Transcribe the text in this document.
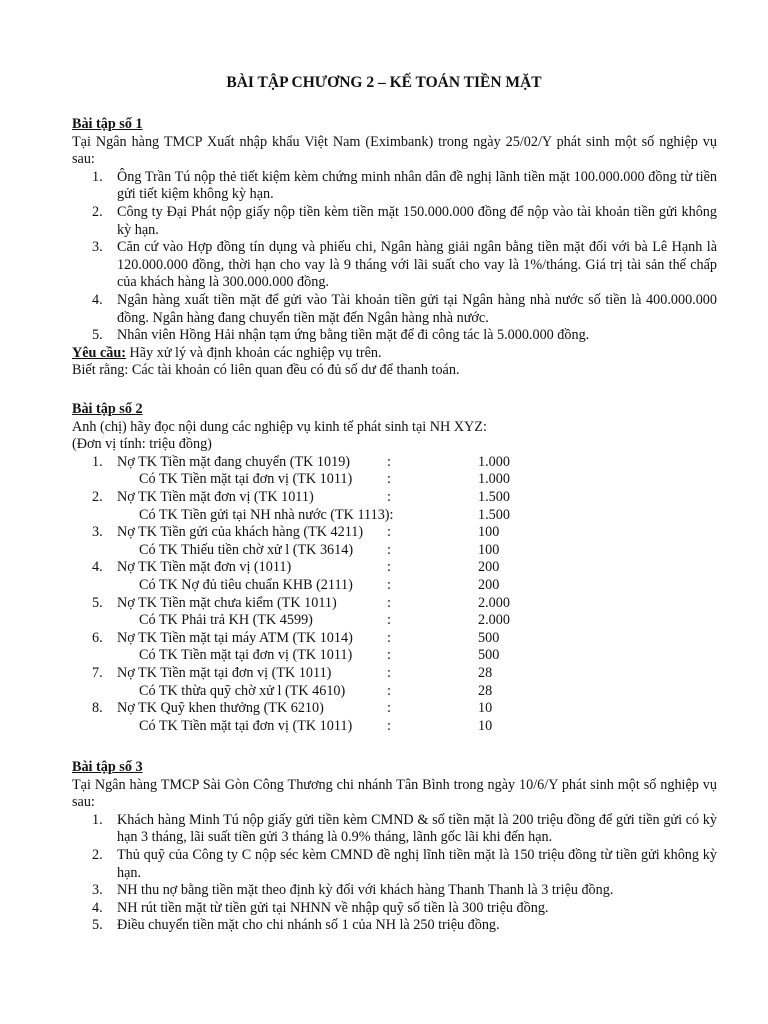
BÀI TẬP CHƯƠNG 2 – KẾ TOÁN TIỀN MẶT
Bài tập số 1
Tại Ngân hàng TMCP Xuất nhập khẩu Việt Nam (Eximbank) trong ngày 25/02/Y phát sinh một số nghiệp vụ sau:
1. Ông Trần Tú nộp thẻ tiết kiệm kèm chứng minh nhân dân đề nghị lãnh tiền mặt 100.000.000 đồng từ tiền gửi tiết kiệm không kỳ hạn.
2. Công ty Đại Phát nộp giấy nộp tiền kèm tiền mặt 150.000.000 đồng để nộp vào tài khoản tiền gửi không kỳ hạn.
3. Căn cứ vào Hợp đồng tín dụng và phiếu chi, Ngân hàng giải ngân bằng tiền mặt đối với bà Lê Hạnh là 120.000.000 đồng, thời hạn cho vay là 9 tháng với lãi suất cho vay là 1%/tháng. Giá trị tài sản thế chấp của khách hàng là 300.000.000 đồng.
4. Ngân hàng xuất tiền mặt để gửi vào Tài khoản tiền gửi tại Ngân hàng nhà nước số tiền là 400.000.000 đồng. Ngân hàng đang chuyển tiền mặt đến Ngân hàng nhà nước.
5. Nhân viên Hồng Hải nhận tạm ứng bằng tiền mặt để đi công tác là 5.000.000 đồng.
Yêu cầu: Hãy xử lý và định khoản các nghiệp vụ trên.
Biết rằng: Các tài khoản có liên quan đều có đủ số dư để thanh toán.
Bài tập số 2
Anh (chị) hãy đọc nội dung các nghiệp vụ kinh tế phát sinh tại NH XYZ:
(Đơn vị tính: triệu đồng)
1. Nợ TK Tiền mặt đang chuyển (TK 1019)	:	1.000
Có TK Tiền mặt tại đơn vị (TK 1011) :	1.000
2. Nợ TK Tiền mặt đơn vị (TK 1011)	:	1.500
Có TK Tiền gửi tại NH nhà nước (TK 1113):	1.500
3. Nợ TK Tiền gửi của khách hàng (TK 4211) :	100
Có TK Thiếu tiền chờ xử l (TK 3614) :	100
4. Nợ TK Tiền mặt đơn vị (1011)	:	200
Có TK Nợ đủ tiêu chuẩn KHB (2111) :	200
5. Nợ TK Tiền mặt chưa kiểm (TK 1011)	:	2.000
Có TK Phải trả KH (TK 4599)	:	2.000
6. Nợ TK Tiền mặt tại máy ATM (TK 1014) :	500
Có TK Tiền mặt tại đơn vị (TK 1011) :	500
7. Nợ TK Tiền mặt tại đơn vị (TK 1011)	:	28
Có TK thừa quỹ chờ xử l (TK 4610)	:	28
8. Nợ TK Quỹ khen thưởng (TK 6210)	:	10
Có TK Tiền mặt tại đơn vị (TK 1011) :	10
Bài tập số 3
Tại Ngân hàng TMCP Sài Gòn Công Thương chi nhánh Tân Bình trong ngày 10/6/Y phát sinh một số nghiệp vụ sau:
1. Khách hàng Minh Tú nộp giấy gửi tiền kèm CMND & số tiền mặt là 200 triệu đồng để gửi tiền gửi có kỳ hạn 3 tháng, lãi suất tiền gửi 3 tháng là 0.9% tháng, lãnh gốc lãi khi đến hạn.
2. Thủ quỹ của Công ty C nộp séc kèm CMND đề nghị lĩnh tiền mặt là 150 triệu đồng từ tiền gửi không kỳ hạn.
3. NH thu nợ bằng tiền mặt theo định kỳ đối với khách hàng Thanh Thanh là 3 triệu đồng.
4. NH rút tiền mặt từ tiền gửi tại NHNN về nhập quỹ số tiền là 300 triệu đồng.
5. Điều chuyển tiền mặt cho chi nhánh số 1 của NH là 250 triệu đồng.
